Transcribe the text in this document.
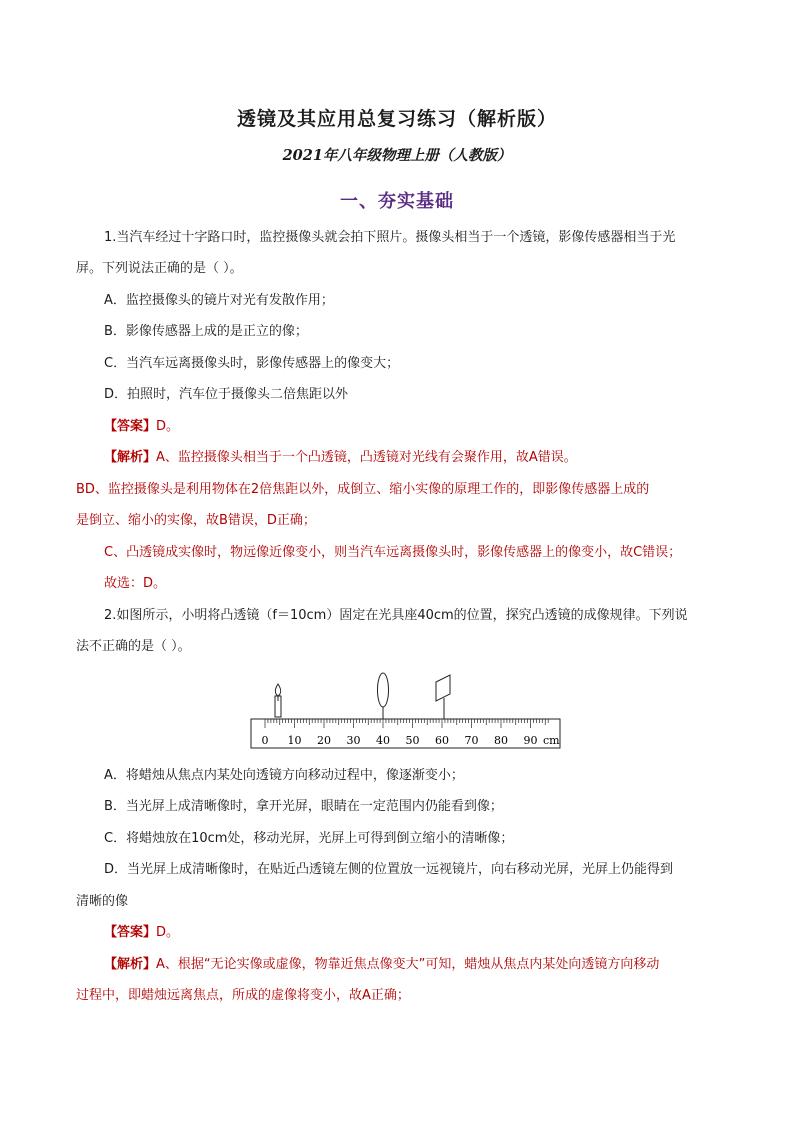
透镜及其应用总复习练习（解析版）
2021年八年级物理上册（人教版）
一、夯实基础
1.当汽车经过十字路口时，监控摄像头就会拍下照片。摄像头相当于一个透镜，影像传感器相当于光
屏。下列说法正确的是（ ）。
A．监控摄像头的镜片对光有发散作用；
B．影像传感器上成的是正立的像；
C．当汽车远离摄像头时，影像传感器上的像变大；
D．拍照时，汽车位于摄像头二倍焦距以外
【答案】D。
【解析】A、监控摄像头相当于一个凸透镜，凸透镜对光线有会聚作用，故A错误。
BD、监控摄像头是利用物体在2倍焦距以外，成倒立、缩小实像的原理工作的，即影像传感器上成的
是倒立、缩小的实像，故B错误，D正确；
C、凸透镜成实像时，物远像近像变小，则当汽车远离摄像头时，影像传感器上的像变小，故C错误；
故选：D。
2.如图所示，小明将凸透镜（f＝10cm）固定在光具座40cm的位置，探究凸透镜的成像规律。下列说
法不正确的是（ ）。
0 10 20 30 40 50 60 70 80 90 cm
A．将蜡烛从焦点内某处向透镜方向移动过程中，像逐渐变小；
B．当光屏上成清晰像时，拿开光屏，眼睛在一定范围内仍能看到像；
C．将蜡烛放在10cm处，移动光屏，光屏上可得到倒立缩小的清晰像；
D．当光屏上成清晰像时，在贴近凸透镜左侧的位置放一远视镜片，向右移动光屏，光屏上仍能得到
清晰的像
【答案】D。
【解析】A、根据“无论实像或虚像，物靠近焦点像变大”可知，蜡烛从焦点内某处向透镜方向移动
过程中，即蜡烛远离焦点，所成的虚像将变小，故A正确；
